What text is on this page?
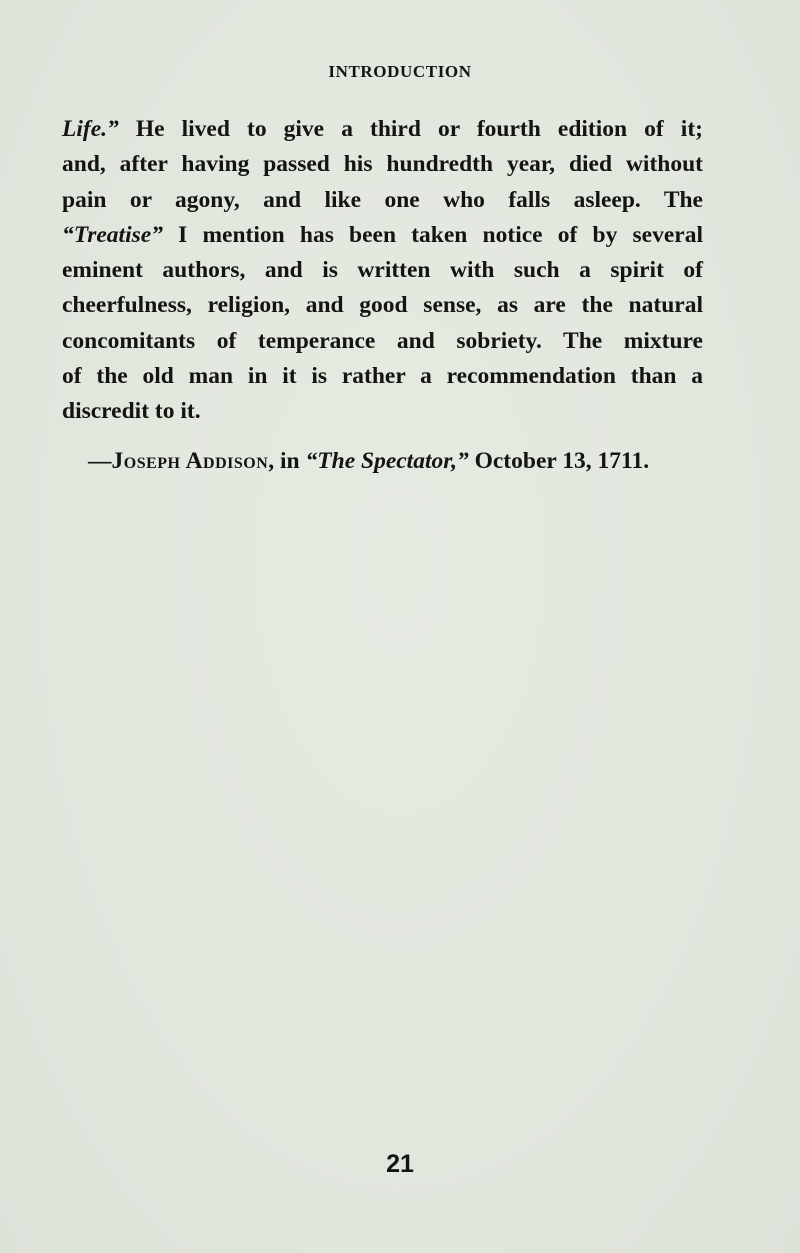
INTRODUCTION
Life.” He lived to give a third or fourth edition of it;
and, after having passed his hundredth year, died without
pain or agony, and like one who falls asleep. The
“Treatise” I mention has been taken notice of by several
eminent authors, and is written with such a spirit of
cheerfulness, religion, and good sense, as are the natural
concomitants of temperance and sobriety. The mixture
of the old man in it is rather a recommendation than a
discredit to it.
—Joseph Addison, in “The Spectator,” October 13, 1711.
21
